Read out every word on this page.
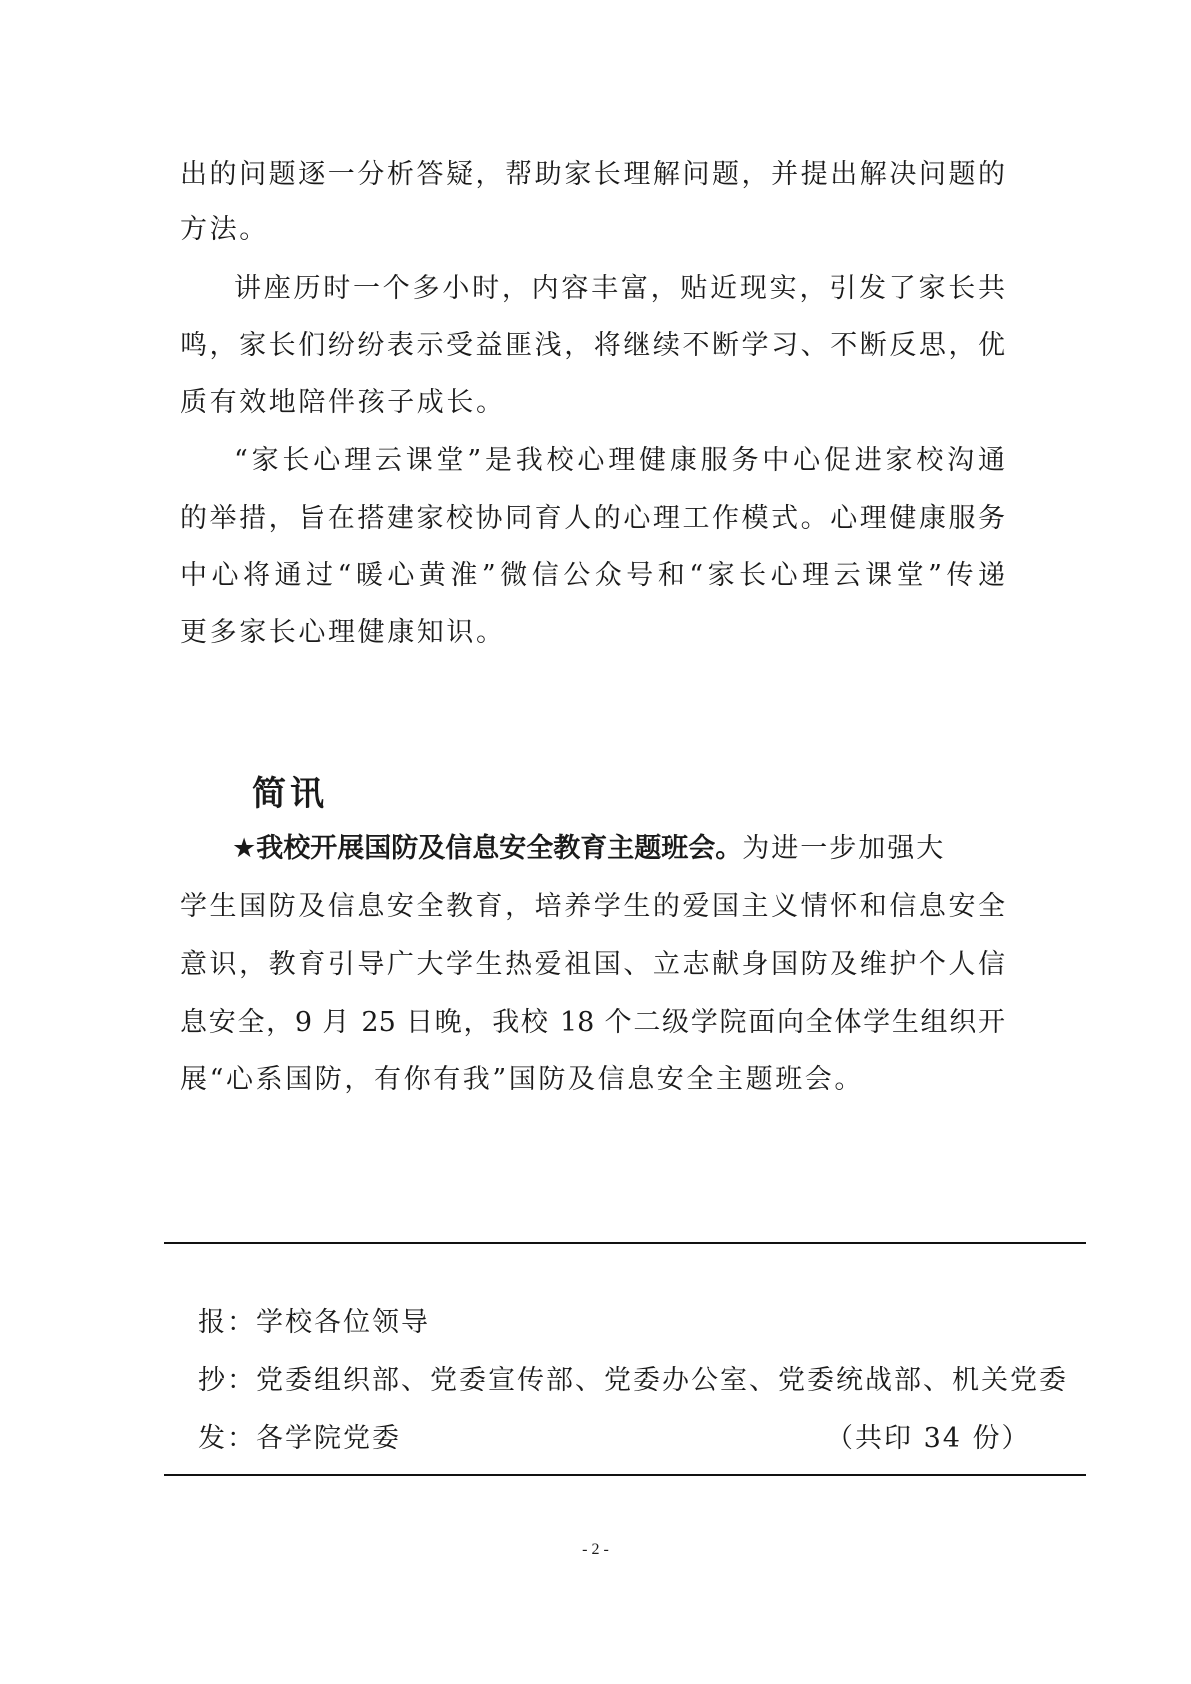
出的问题逐一分析答疑，帮助家长理解问题，并提出解决问题的
方法。
讲座历时一个多小时，内容丰富，贴近现实，引发了家长共
鸣，家长们纷纷表示受益匪浅，将继续不断学习、不断反思，优
质有效地陪伴孩子成长。
“家长心理云课堂”是我校心理健康服务中心促进家校沟通
的举措，旨在搭建家校协同育人的心理工作模式。心理健康服务
中心将通过“暖心黄淮”微信公众号和“家长心理云课堂”传递
更多家长心理健康知识。
简讯
★我校开展国防及信息安全教育主题班会。为进一步加强大
学生国防及信息安全教育，培养学生的爱国主义情怀和信息安全
意识，教育引导广大学生热爱祖国、立志献身国防及维护个人信
息安全，9 月 25 日晚，我校 18 个二级学院面向全体学生组织开
展“心系国防，有你有我”国防及信息安全主题班会。
报：学校各位领导
抄：党委组织部、党委宣传部、党委办公室、党委统战部、机关党委
发：各学院党委	（共印 34 份）
- 2 -
